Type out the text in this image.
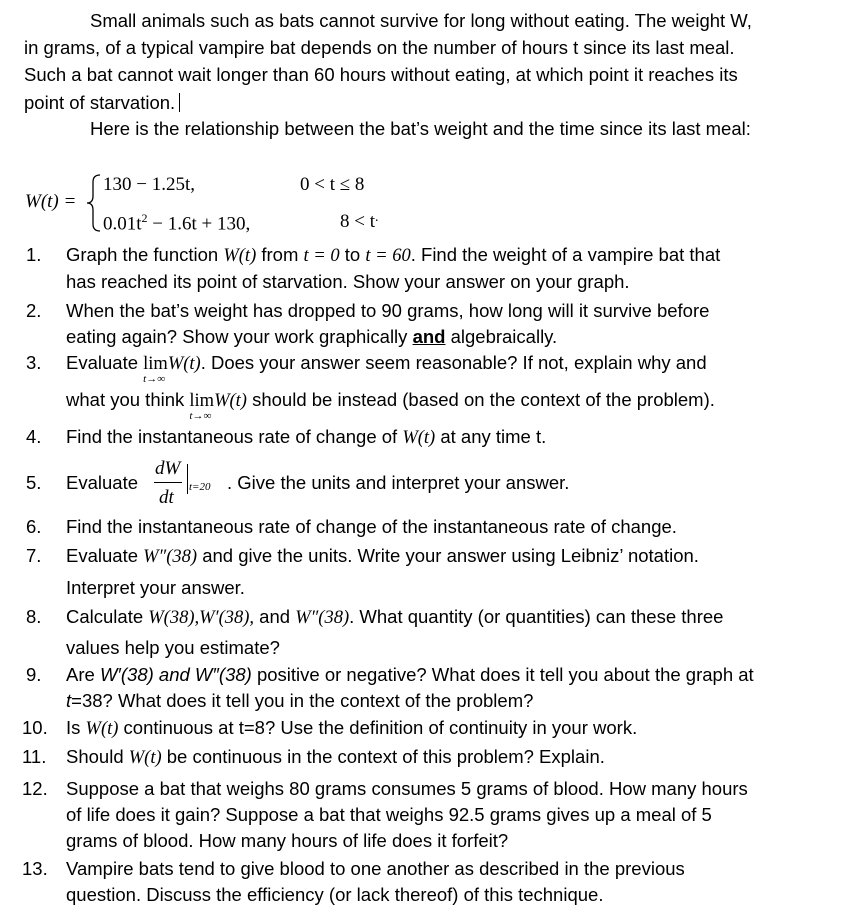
Small animals such as bats cannot survive for long without eating. The weight W,
in grams, of a typical vampire bat depends on the number of hours t since its last meal.
Such a bat cannot wait longer than 60 hours without eating, at which point it reaches its
point of starvation.
Here is the relationship between the bat’s weight and the time since its last meal:
W(t) =
130 − 1.25t,	0 < t ≤ 8
$0.01t^2 - 1.6t + 130$,	8 < t.
1. Graph the function W(t) from t = 0 to t = 60. Find the weight of a vampire bat that
has reached its point of starvation. Show your answer on your graph.
2. When the bat’s weight has dropped to 90 grams, how long will it survive before
eating again? Show your work graphically and algebraically.
3. Evaluate lim
t→∞
W(t). Does your answer seem reasonable? If not, explain why and
what you think lim
t→∞
W(t) should be instead (based on the context of the problem).
4. Find the instantaneous rate of change of W(t) at any time t.
5. Evaluate
dW
dt t=20 . Give the units and interpret your answer.
6. Find the instantaneous rate of change of the instantaneous rate of change.
7. Evaluate W″(38) and give the units. Write your answer using Leibniz’ notation.
Interpret your answer.
8. Calculate W(38),W′(38), and W″(38). What quantity (or quantities) can these three
values help you estimate?
9. Are W′(38) and W″(38) positive or negative? What does it tell you about the graph at
t=38? What does it tell you in the context of the problem?
10. Is W(t) continuous at t=8? Use the definition of continuity in your work.
11. Should W(t) be continuous in the context of this problem? Explain.
12. Suppose a bat that weighs 80 grams consumes 5 grams of blood. How many hours
of life does it gain? Suppose a bat that weighs 92.5 grams gives up a meal of 5
grams of blood. How many hours of life does it forfeit?
13. Vampire bats tend to give blood to one another as described in the previous
question. Discuss the efficiency (or lack thereof) of this technique.
